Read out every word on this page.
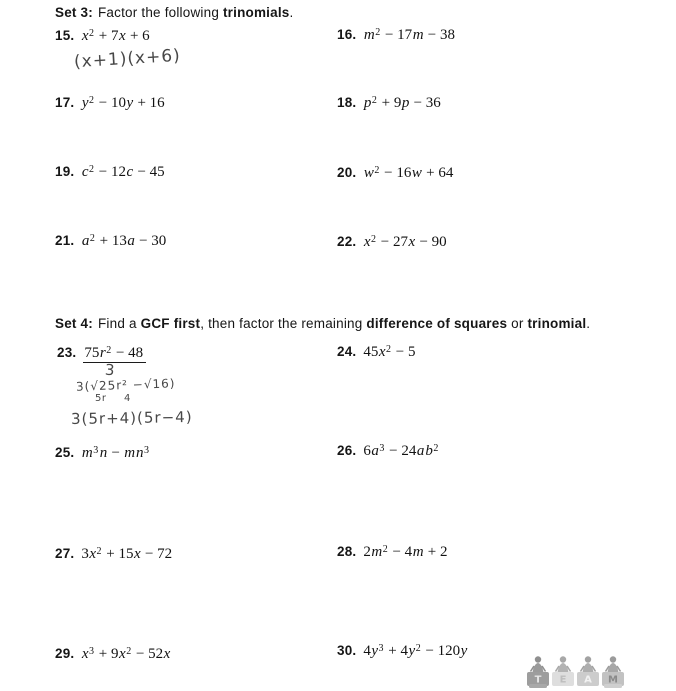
Set 3: Factor the following trinomials.
15. $x^2 + 7x + 6$	16. $m^2 - 17m - 38$
(x+1)(x+6)
17. $y^2 - 10y + 16$	18. $p^2 + 9p - 36$
19. $c^2 - 12c - 45$	20. $w^2 - 16w + 64$
21. $a^2 + 13a - 30$	22. $x^2 - 27x - 90$
Set 4: Find a GCF first, then factor the remaining difference of squares or trinomial.
23. $75r^2 - 48$	24. $45x^2 - 5$
3
3(√25r² −√16)
5r 4
3(5r+4)(5r−4)
25. $m^3$ $n - mn^3$	26. $6a^3 - 24ab^2$
27. $3x^2 + 15x - 72$	28. $2m^2 - 4m + 2$
29. $x^3 + 9x^2 - 52x$	30. $4y^3 + 4y^2 - 120y$
T E A M
